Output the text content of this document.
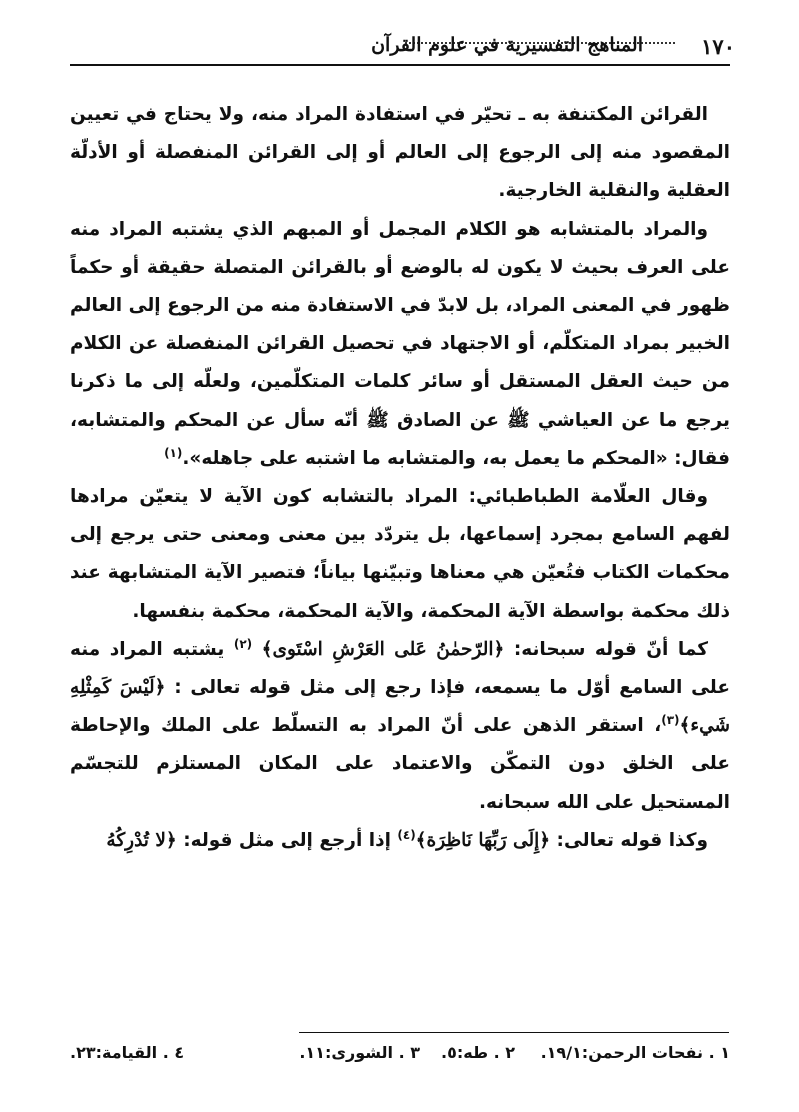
١٧٠
المناهج التفسيرية في علوم القرآن

القرائن المكتنفة به ـ تحيّر في استفادة المراد منه، ولا يحتاج في تعيين المقصود منه إلى الرجوع إلى العالم أو إلى القرائن المنفصلة أو الأدلّة العقلية والنقلية الخارجية.

والمراد بالمتشابه هو الكلام المجمل أو المبهم الذي يشتبه المراد منه على العرف بحيث لا يكون له بالوضع أو بالقرائن المتصلة حقيقة أو حكماً ظهور في المعنى المراد، بل لابدّ في الاستفادة منه من الرجوع إلى العالم الخبير بمراد المتكلّم، أو الاجتهاد في تحصيل القرائن المنفصلة عن الكلام من حيث العقل المستقل أو سائر كلمات المتكلّمين، ولعلّه إلى ما ذكرنا يرجع ما عن العياشي ﷺ عن الصادق ﷺ أنّه سأل عن المحكم والمتشابه، فقال: «المحكم ما يعمل به، والمتشابه ما اشتبه على جاهله».$^{(١)}$

وقال العلّامة الطباطبائي: المراد بالتشابه كون الآية لا يتعيّن مرادها لفهم السامع بمجرد إسماعها، بل يتردّد بين معنى ومعنى حتى يرجع إلى محكمات الكتاب فتُعيّن هي معناها وتبيّنها بياناً؛ فتصير الآية المتشابهة عند ذلك محكمة بواسطة الآية المحكمة، والآية المحكمة، محكمة بنفسها.

كما أنّ قوله سبحانه: ﴿الرّحمٰنُ عَلى العَرْشِ اسْتَوى﴾ $^{(٢)}$ يشتبه المراد منه على السامع أوّل ما يسمعه، فإذا رجع إلى مثل قوله تعالى : ﴿لَيْسَ كَمِثْلِهِ شَيء﴾$^{(٣)}$، استقر الذهن على أنّ المراد به التسلّط على الملك والإحاطة على الخلق دون التمكّن والاعتماد على المكان المستلزم للتجسّم المستحيل على الله سبحانه.

وكذا قوله تعالى: ﴿إِلَى رَبِّهَا نَاظِرَة﴾$^{(٤)}$ إذا أرجع إلى مثل قوله: ﴿لا تُدْرِكُهُ

١ . نفحات الرحمن:١٩/١.
٢ . طه:٥.
٣ . الشورى:١١.
٤ . القيامة:٢٣.
